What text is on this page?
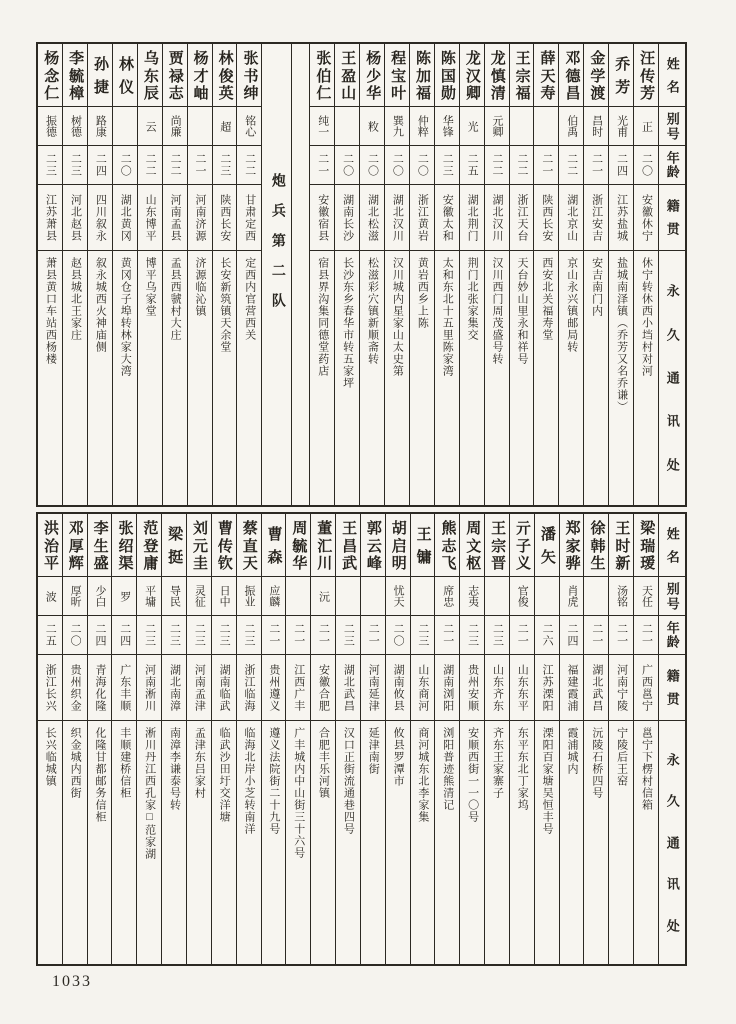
姓
名
别
号
年
龄
籍
贯
永
久
通
讯
处
汪
传
芳
正
二〇
安徽休宁
休宁转休西小垱村对河
乔
芳
光甫
二四
江苏盐城
盐城南泽镇（乔芳又名乔谦）
金
学
渡
昌时
二一
浙江安吉
安吉南门内
邓
德
昌
伯禹
二二
湖北京山
京山永兴镇邮局转
薛
天
寿
二一
陕西长安
西安北关福寿堂
王
宗
福
二二
浙江天台
天台妙山里永和祥号
龙
慎
清
元卿
二二
湖北汉川
汉川西门周茂盛号转
龙
汉
卿
光
二五
湖北荆门
荆门北张家集交
陈
国
勋
华锋
二三
安徽太和
太和东北十五里陈家湾
陈
加
福
仲粹
二〇
浙江黄岩
黄岩西乡上陈
程
宝
叶
巽九
二〇
湖北汉川
汉川城内星家山太史第
杨
少
华
敉
二〇
湖北松滋
松滋彩穴镇新顺斋转
王
盈
山
二〇
湖南长沙
长沙东乡春华市转五家坪
张
伯
仁
纯一
二一
安徽宿县
宿县界沟集同德堂药店
炮
兵
第
二
队
张
书
绅
铭心
二二
甘肃定西
定西内官营西关
林
俊
英
超
二三
陕西长安
长安新筑镇天余堂
杨
才
岫
二一
河南济源
济源临沁镇
贾
禄
志
尚廉
二二
河南孟县
孟县西虢村大庄
乌
东
辰
云
二二
山东博平
博平乌家堂
林
仪
二〇
湖北黄冈
黄冈仓子埠转林家大湾
孙
捷
路康
二四
四川叙永
叙永城西火神庙侧
李
毓
樟
树德
二三
河北赵县
赵县城北王家庄
杨
念
仁
振德
二三
江苏萧县
萧县黄口车站西杨楼
姓
名
别
号
年
龄
籍
贯
永
久
通
讯
处
梁
瑞
瑷
天任
二一
广西邕宁
邕宁下楞村信箱
王
时
新
汤铭
二一
河南宁陵
宁陵后王窑
徐
韩
生
二一
湖北武昌
沅陵石桥四号
郑
家
骅
肖虎
二四
福建霞浦
霞浦城内
潘
矢
二六
江苏溧阳
溧阳百家塘吴恒丰号
亓
子
义
官俊
二一
山东东平
东平东北丁家坞
王
宗
晋
二三
山东齐东
齐东王家寨子
周
文
枢
志夷
二三
贵州安顺
安顺西街一一〇号
熊
志
飞
席忠
二一
湖南浏阳
浏阳普迹熊清记
王
镛
二三
山东商河
商河城东北李家集
胡
启
明
忧天
二〇
湖南攸县
攸县罗潭市
郭
云
峰
二一
河南延津
延津南街
王
昌
武
二三
湖北武昌
汉口正街流通巷四号
董
汇
川
沅
二一
安徽合肥
合肥丰乐河镇
周
毓
华
二一
江西广丰
广丰城内中山街三十六号
曹
森
应麟
二一
贵州遵义
遵义法院街二十九号
蔡
直
天
振业
二三
浙江临海
临海北岸小芝转南洋
曹
传
钦
日中
二三
湖南临武
临武沙田圩交洋塘
刘
元
圭
灵征
二三
河南孟津
孟津东吕家村
梁
挺
导民
二三
湖北南漳
南漳李谦泰号转
范
登
庸
平墉
二三
河南淅川
淅川丹江西孔家□范家湖
张
绍
渠
罗
二四
广东丰顺
丰顺建桥信柜
李
生
盛
少白
二四
青海化隆
化隆甘都邮务信柜
邓
厚
辉
厚昕
二〇
贵州织金
织金城内西街
洪
治
平
波
二五
浙江长兴
长兴临城镇
1033
